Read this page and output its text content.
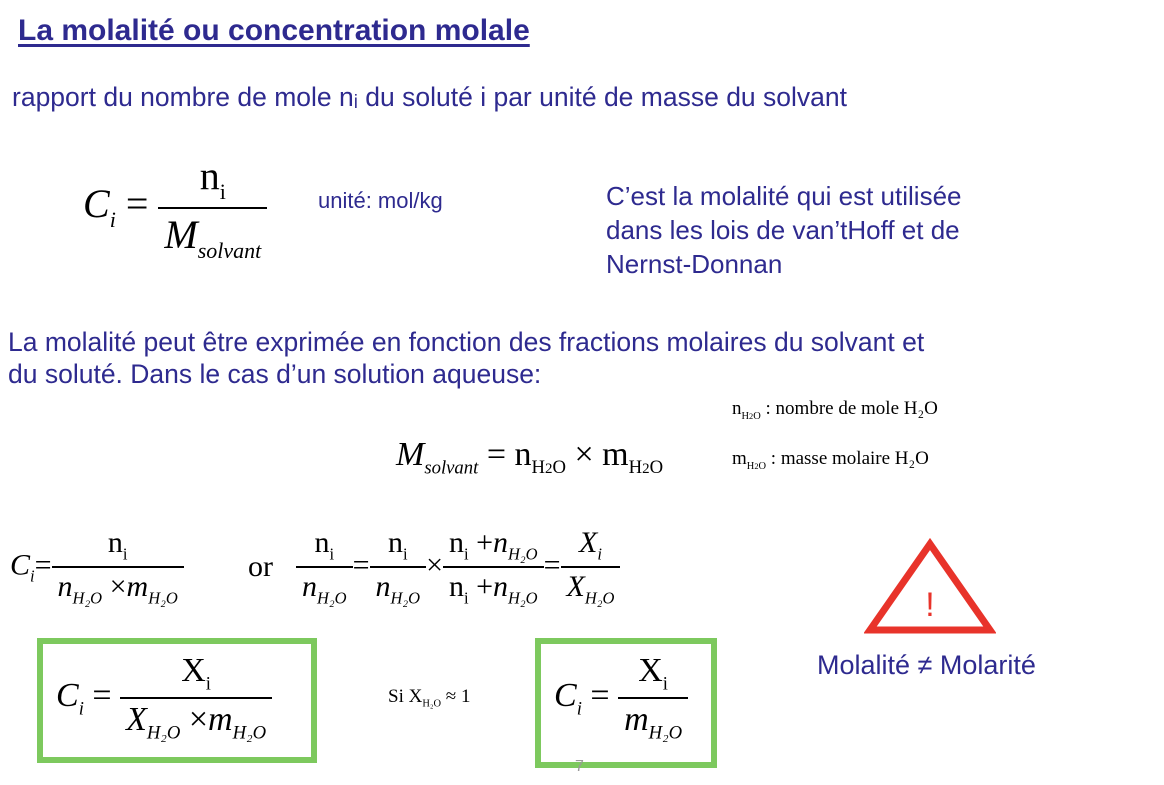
La molalité ou concentration molale
rapport du nombre de mole nᵢ du soluté i par unité de masse du solvant
$C_i = \frac{n_i}{M_{solvant}}$ unité: mol/kg	C’est la molalité qui est utilisée
dans les lois de van’tHoff et de
Nernst-Donnan
La molalité peut être exprimée en fonction des fractions molaires du solvant et
du soluté. Dans le cas d’un solution aqueuse:
$n_{H2O}$ : nombre de mole H₂O
$m_{H2O}$ : masse molaire H₂O
$M_{solvant} = n_{H2O} \times m_{H2O}$
$C_i= \frac{n_i}{n_{H_2O} \times m_{H_2O}}$ or $\frac{n_i}{n_{H_2O}} = \frac{n_i}{n_{H_2O}} \times \frac{n_i +n_{H_2O}}{n_i +n_{H_2O}} = \frac{X_i}{X_{H_2O}}$
$C_i = \frac{X_i}{X_{H_2O} \times m_{H_2O}}$	Si $X_{H_2O} \approx 1$ $C_i = \frac{X_i}{m_{H_2O}}$
!
Molalité ≠ Molarité
7
